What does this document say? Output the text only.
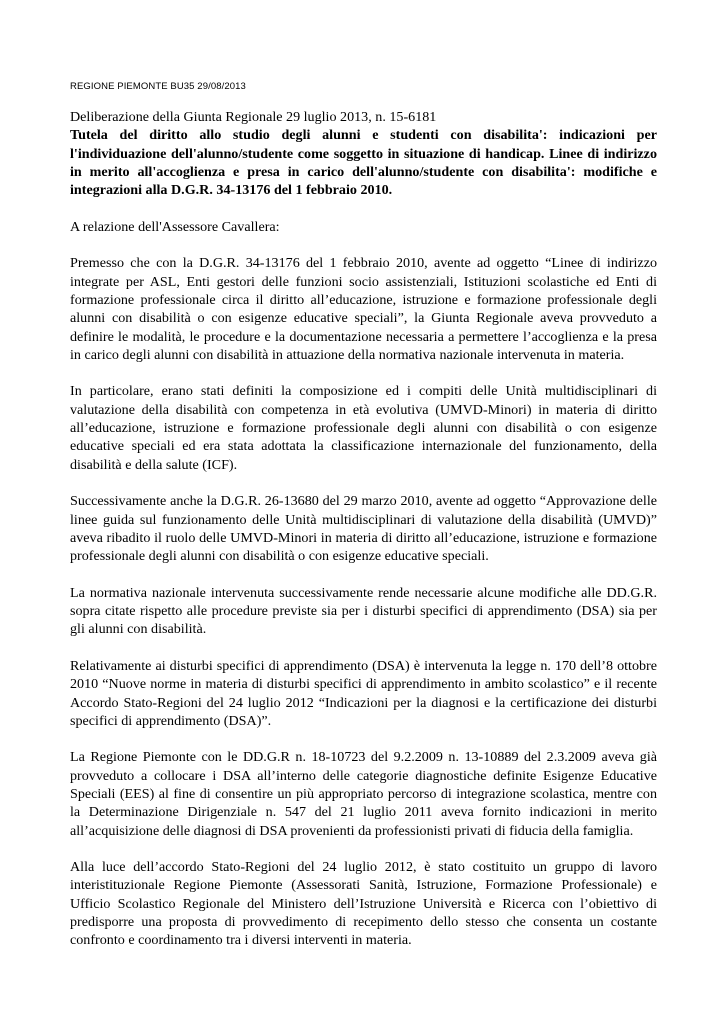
REGIONE PIEMONTE BU35 29/08/2013

Deliberazione della Giunta Regionale 29 luglio 2013, n. 15-6181

Tutela del diritto allo studio degli alunni e studenti con disabilita': indicazioni per l'individuazione dell'alunno/studente come soggetto in situazione di handicap. Linee di indirizzo in merito all'accoglienza e presa in carico dell'alunno/studente con disabilita': modifiche e integrazioni alla D.G.R. 34-13176 del 1 febbraio 2010.

A relazione dell'Assessore Cavallera:

Premesso che con la D.G.R. 34-13176 del 1 febbraio 2010, avente ad oggetto “Linee di indirizzo integrate per ASL, Enti gestori delle funzioni socio assistenziali, Istituzioni scolastiche ed Enti di formazione professionale circa il diritto all’educazione, istruzione e formazione professionale degli alunni con disabilità o con esigenze educative speciali”, la Giunta Regionale aveva provveduto a definire le modalità, le procedure e la documentazione necessaria a permettere l’accoglienza e la presa in carico degli alunni con disabilità in attuazione della normativa nazionale intervenuta in materia.

In particolare, erano stati definiti la composizione ed i compiti delle Unità multidisciplinari di valutazione della disabilità con competenza in età evolutiva (UMVD-Minori) in materia di diritto all’educazione, istruzione e formazione professionale degli alunni con disabilità o con esigenze educative speciali ed era stata adottata la classificazione internazionale del funzionamento, della disabilità e della salute (ICF).

Successivamente anche la D.G.R. 26-13680 del 29 marzo 2010, avente ad oggetto “Approvazione delle linee guida sul funzionamento delle Unità multidisciplinari di valutazione della disabilità (UMVD)” aveva ribadito il ruolo delle UMVD-Minori in materia di diritto all’educazione, istruzione e formazione professionale degli alunni con disabilità o con esigenze educative speciali.

La normativa nazionale intervenuta successivamente rende necessarie alcune modifiche alle DD.G.R. sopra citate rispetto alle procedure previste sia per i disturbi specifici di apprendimento (DSA) sia per gli alunni con disabilità.

Relativamente ai disturbi specifici di apprendimento (DSA) è intervenuta la legge n. 170 dell’8 ottobre 2010 “Nuove norme in materia di disturbi specifici di apprendimento in ambito scolastico” e il recente Accordo Stato-Regioni del 24 luglio 2012 “Indicazioni per la diagnosi e la certificazione dei disturbi specifici di apprendimento (DSA)”.

La Regione Piemonte con le DD.G.R n. 18-10723 del 9.2.2009 n. 13-10889 del 2.3.2009 aveva già provveduto a collocare i DSA all’interno delle categorie diagnostiche definite Esigenze Educative Speciali (EES) al fine di consentire un più appropriato percorso di integrazione scolastica, mentre con la Determinazione Dirigenziale n. 547 del 21 luglio 2011 aveva fornito indicazioni in merito all’acquisizione delle diagnosi di DSA provenienti da professionisti privati di fiducia della famiglia.

Alla luce dell’accordo Stato-Regioni del 24 luglio 2012, è stato costituito un gruppo di lavoro interistituzionale Regione Piemonte (Assessorati Sanità, Istruzione, Formazione Professionale) e Ufficio Scolastico Regionale del Ministero dell’Istruzione Università e Ricerca con l’obiettivo di predisporre una proposta di provvedimento di recepimento dello stesso che consenta un costante confronto e coordinamento tra i diversi interventi in materia.
